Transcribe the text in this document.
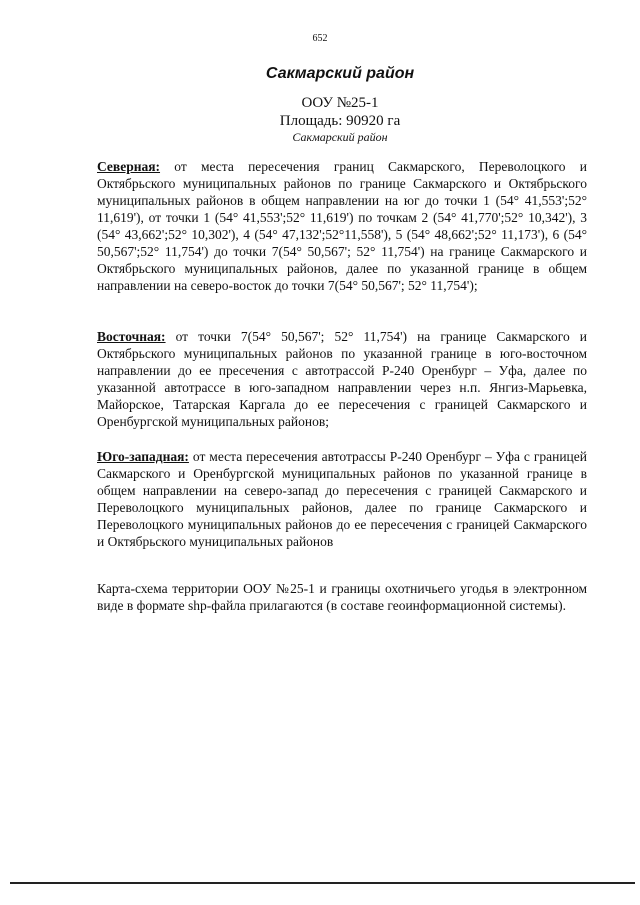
652
Сакмарский район
ООУ №25-1
Площадь: 90920 га
Сакмарский район
Северная: от места пересечения границ Сакмарского, Переволоцкого и Октябрьского муниципальных районов по границе Сакмарского и Октябрьского муниципальных районов в общем направлении на юг до точки 1 (54° 41,553';52° 11,619'), от точки 1 (54° 41,553';52° 11,619') по точкам 2 (54° 41,770';52° 10,342'), 3 (54° 43,662';52° 10,302'), 4 (54° 47,132';52°11,558'), 5 (54° 48,662';52° 11,173'), 6 (54° 50,567';52° 11,754') до точки 7(54° 50,567'; 52° 11,754') на границе Сакмарского и Октябрьского муниципальных районов, далее по указанной границе в общем направлении на северо-восток до точки 7(54° 50,567'; 52° 11,754');
Восточная: от точки 7(54° 50,567'; 52° 11,754') на границе Сакмарского и Октябрьского муниципальных районов по указанной границе в юго-восточном направлении до ее пресечения с автотрассой Р-240 Оренбург – Уфа, далее по указанной автотрассе в юго-западном направлении через н.п. Янгиз-Марьевка, Майорское, Татарская Каргала до ее пересечения с границей Сакмарского и Оренбургской муниципальных районов;
Юго-западная: от места пересечения автотрассы Р-240 Оренбург – Уфа с границей Сакмарского и Оренбургской муниципальных районов по указанной границе в общем направлении на северо-запад до пересечения с границей Сакмарского и Переволоцкого муниципальных районов, далее по границе Сакмарского и Переволоцкого муниципальных районов до ее пересечения с границей Сакмарского и Октябрьского муниципальных районов
Карта-схема территории ООУ №25-1 и границы охотничьего угодья в электронном виде в формате shp-файла прилагаются (в составе геоинформационной системы).
